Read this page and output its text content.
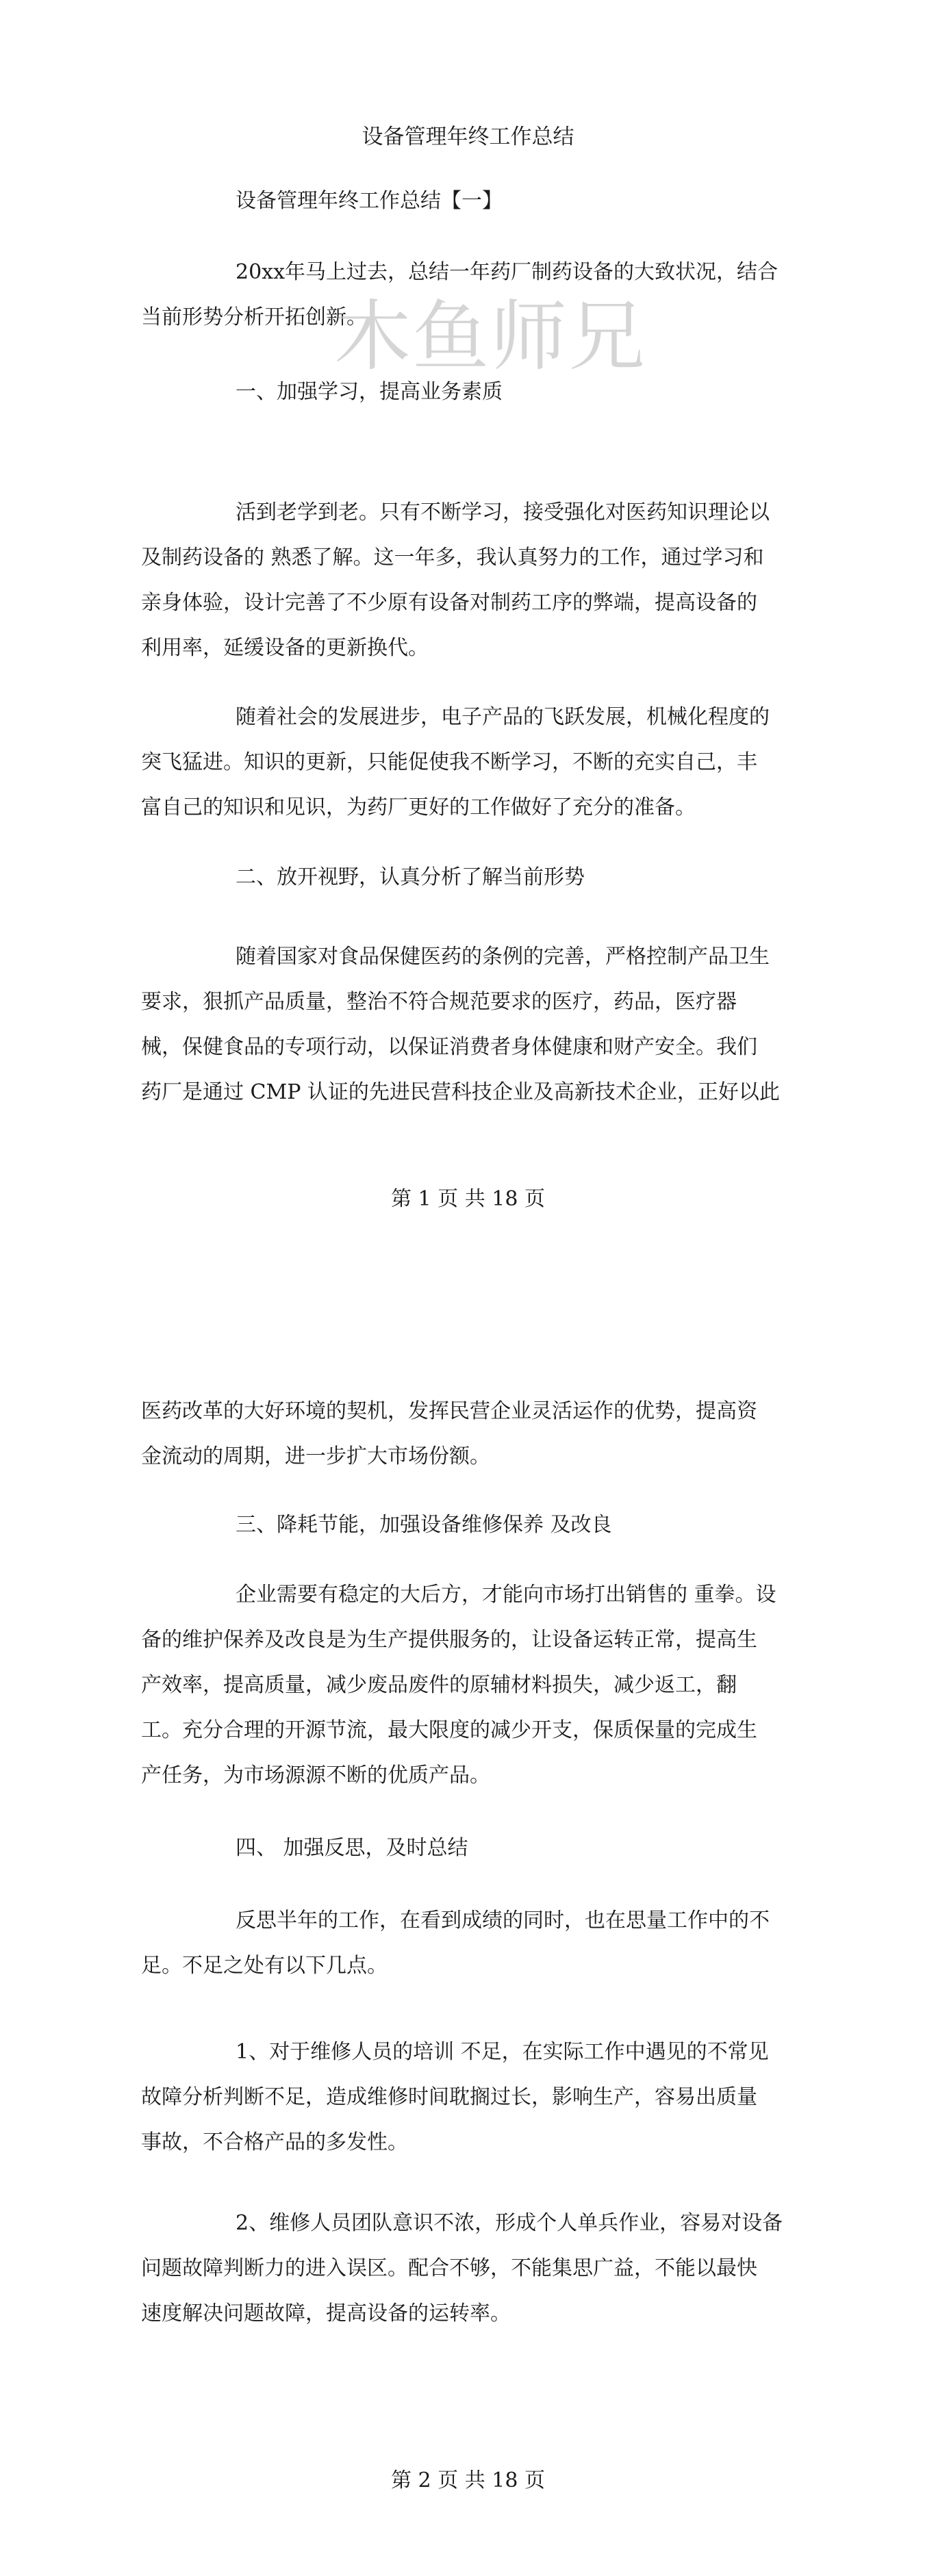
设备管理年终工作总结
设备管理年终工作总结【一】
20xx年马上过去，总结一年药厂制药设备的大致状况，结合
当前形势分析开拓创新。
一、加强学习，提高业务素质
活到老学到老。只有不断学习，接受强化对医药知识理论以
及制药设备的 熟悉了解。这一年多，我认真努力的工作，通过学习和
亲身体验，设计完善了不少原有设备对制药工序的弊端，提高设备的
利用率，延缓设备的更新换代。
随着社会的发展进步，电子产品的飞跃发展，机械化程度的
突飞猛进。知识的更新，只能促使我不断学习，不断的充实自己，丰
富自己的知识和见识，为药厂更好的工作做好了充分的准备。
二、放开视野，认真分析了解当前形势
随着国家对食品保健医药的条例的完善，严格控制产品卫生
要求，狠抓产品质量，整治不符合规范要求的医疗，药品，医疗器
械，保健食品的专项行动，以保证消费者身体健康和财产安全。我们
药厂是通过 CMP 认证的先进民营科技企业及高新技术企业，正好以此
木鱼师兄
第 1 页 共 18 页
医药改革的大好环境的契机，发挥民营企业灵活运作的优势，提高资
金流动的周期，进一步扩大市场份额。
三、降耗节能，加强设备维修保养 及改良
企业需要有稳定的大后方，才能向市场打出销售的 重拳。设
备的维护保养及改良是为生产提供服务的，让设备运转正常，提高生
产效率，提高质量，减少废品废件的原辅材料损失，减少返工，翻
工。充分合理的开源节流，最大限度的减少开支，保质保量的完成生
产任务，为市场源源不断的优质产品。
四、 加强反思，及时总结
反思半年的工作，在看到成绩的同时，也在思量工作中的不
足。不足之处有以下几点。
1、对于维修人员的培训 不足，在实际工作中遇见的不常见
故障分析判断不足，造成维修时间耽搁过长，影响生产，容易出质量
事故，不合格产品的多发性。
2、维修人员团队意识不浓，形成个人单兵作业，容易对设备
问题故障判断力的进入误区。配合不够，不能集思广益，不能以最快
速度解决问题故障，提高设备的运转率。
第 2 页 共 18 页
